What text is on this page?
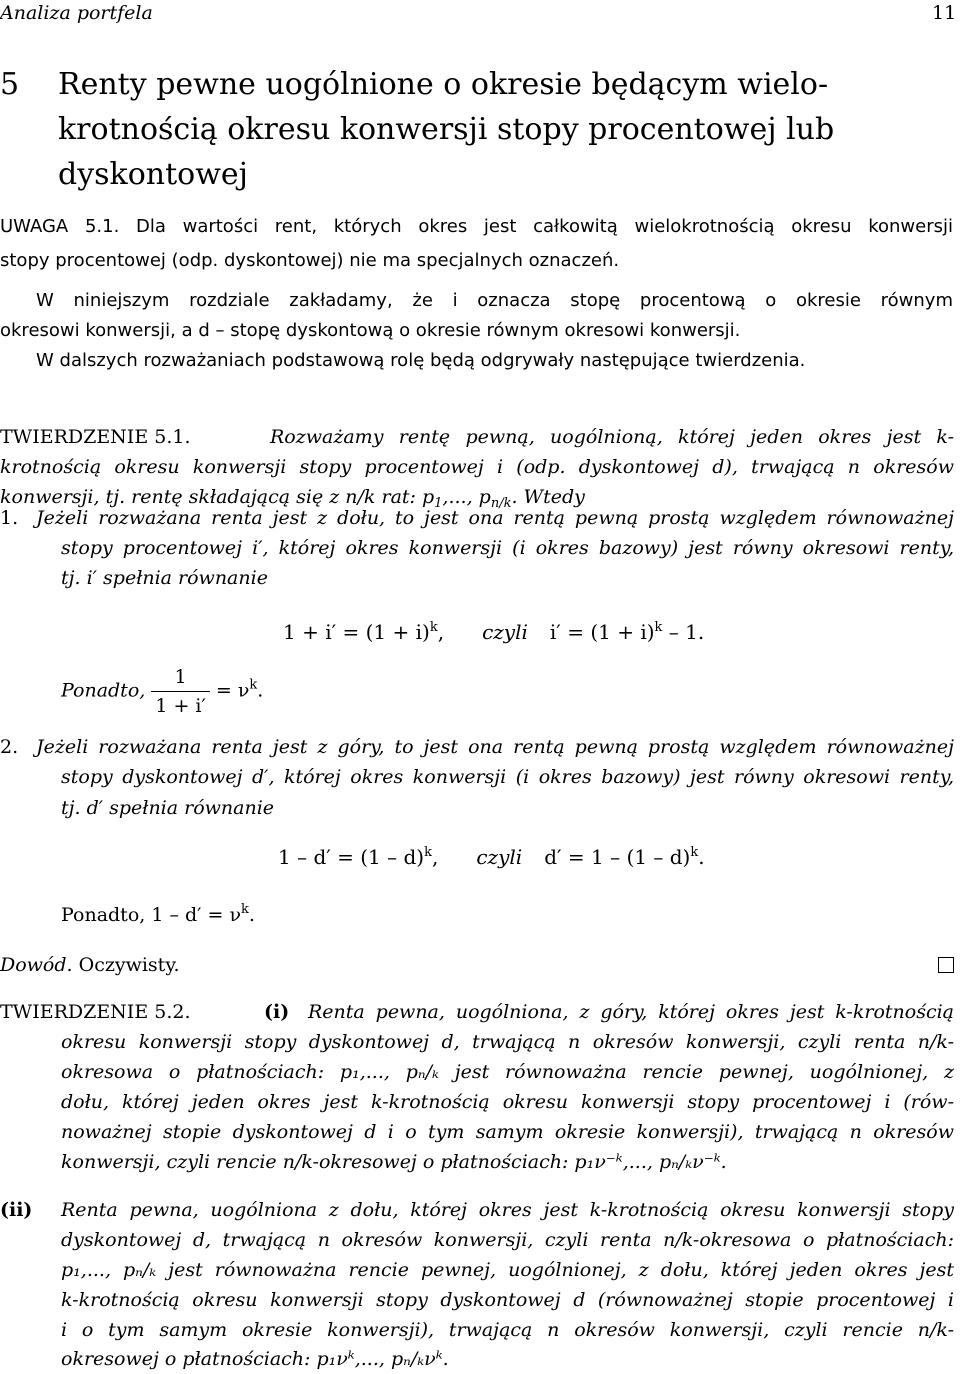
Analiza portfela	11
5 Renty pewne uogólnione o okresie będącym wielo-
krotnością okresu konwersji stopy procentowej lub
dyskontowej
UWAGA 5.1. Dla wartości rent, których okres jest całkowitą wielokrotnością okresu konwersji
stopy procentowej (odp. dyskontowej) nie ma specjalnych oznaczeń.
W niniejszym rozdziale zakładamy, że i oznacza stopę procentową o okresie równym
okresowi konwersji, a d – stopę dyskontową o okresie równym okresowi konwersji.
W dalszych rozważaniach podstawową rolę będą odgrywały następujące twierdzenia.
TWIERDZENIE 5.1.	Rozważamy rentę pewną, uogólnioną, której jeden okres jest k-
krotnością okresu konwersji stopy procentowej i (odp. dyskontowej d), trwającą n okresów
konwersji, tj. rentę składającą się z n/k rat: $p_1$,..., $p_{n/k}$. Wtedy
1. Jeżeli rozważana renta jest z dołu, to jest ona rentą pewną prostą względem równoważnej
stopy procentowej i′, której okres konwersji (i okres bazowy) jest równy okresowi renty,
tj. i′ spełnia równanie
$1 + i' = (1 + i)^k$, czyli $i' = (1 + i)^k - 1$.
Ponadto, $\frac{1}{1 + i'} = \nu^k$.
2. Jeżeli rozważana renta jest z góry, to jest ona rentą pewną prostą względem równoważnej
stopy dyskontowej d′, której okres konwersji (i okres bazowy) jest równy okresowi renty,
tj. d′ spełnia równanie
1 – d′ = (1 – d)$^k$, czyli d′ = 1 – (1 – d)$^k$.
Ponadto, $1 - d' = \nu^k$.
Dowód. Oczywisty.
TWIERDZENIE 5.2.	(i) Renta pewna, uogólniona, z góry, której okres jest k-krotnością
okresu konwersji stopy dyskontowej d, trwającą n okresów konwersji, czyli renta n/k-
okresowa o płatnościach: p₁,..., pₙ/ₖ jest równoważna rencie pewnej, uogólnionej, z
dołu, której jeden okres jest k-krotnością okresu konwersji stopy procentowej i (rów-
noważnej stopie dyskontowej d i o tym samym okresie konwersji), trwającą n okresów
konwersji, czyli rencie n/k-okresowej o płatnościach: p₁ν⁻ᵏ,..., pₙ/ₖν⁻ᵏ.
(ii) Renta pewna, uogólniona z dołu, której okres jest k-krotnością okresu konwersji stopy
dyskontowej d, trwającą n okresów konwersji, czyli renta n/k-okresowa o płatnościach:
p₁,..., pₙ/ₖ jest równoważna rencie pewnej, uogólnionej, z dołu, której jeden okres jest
k-krotnością okresu konwersji stopy dyskontowej d (równoważnej stopie procentowej i
i o tym samym okresie konwersji), trwającą n okresów konwersji, czyli rencie n/k-
okresowej o płatnościach: p₁νᵏ,..., pₙ/ₖνᵏ.
